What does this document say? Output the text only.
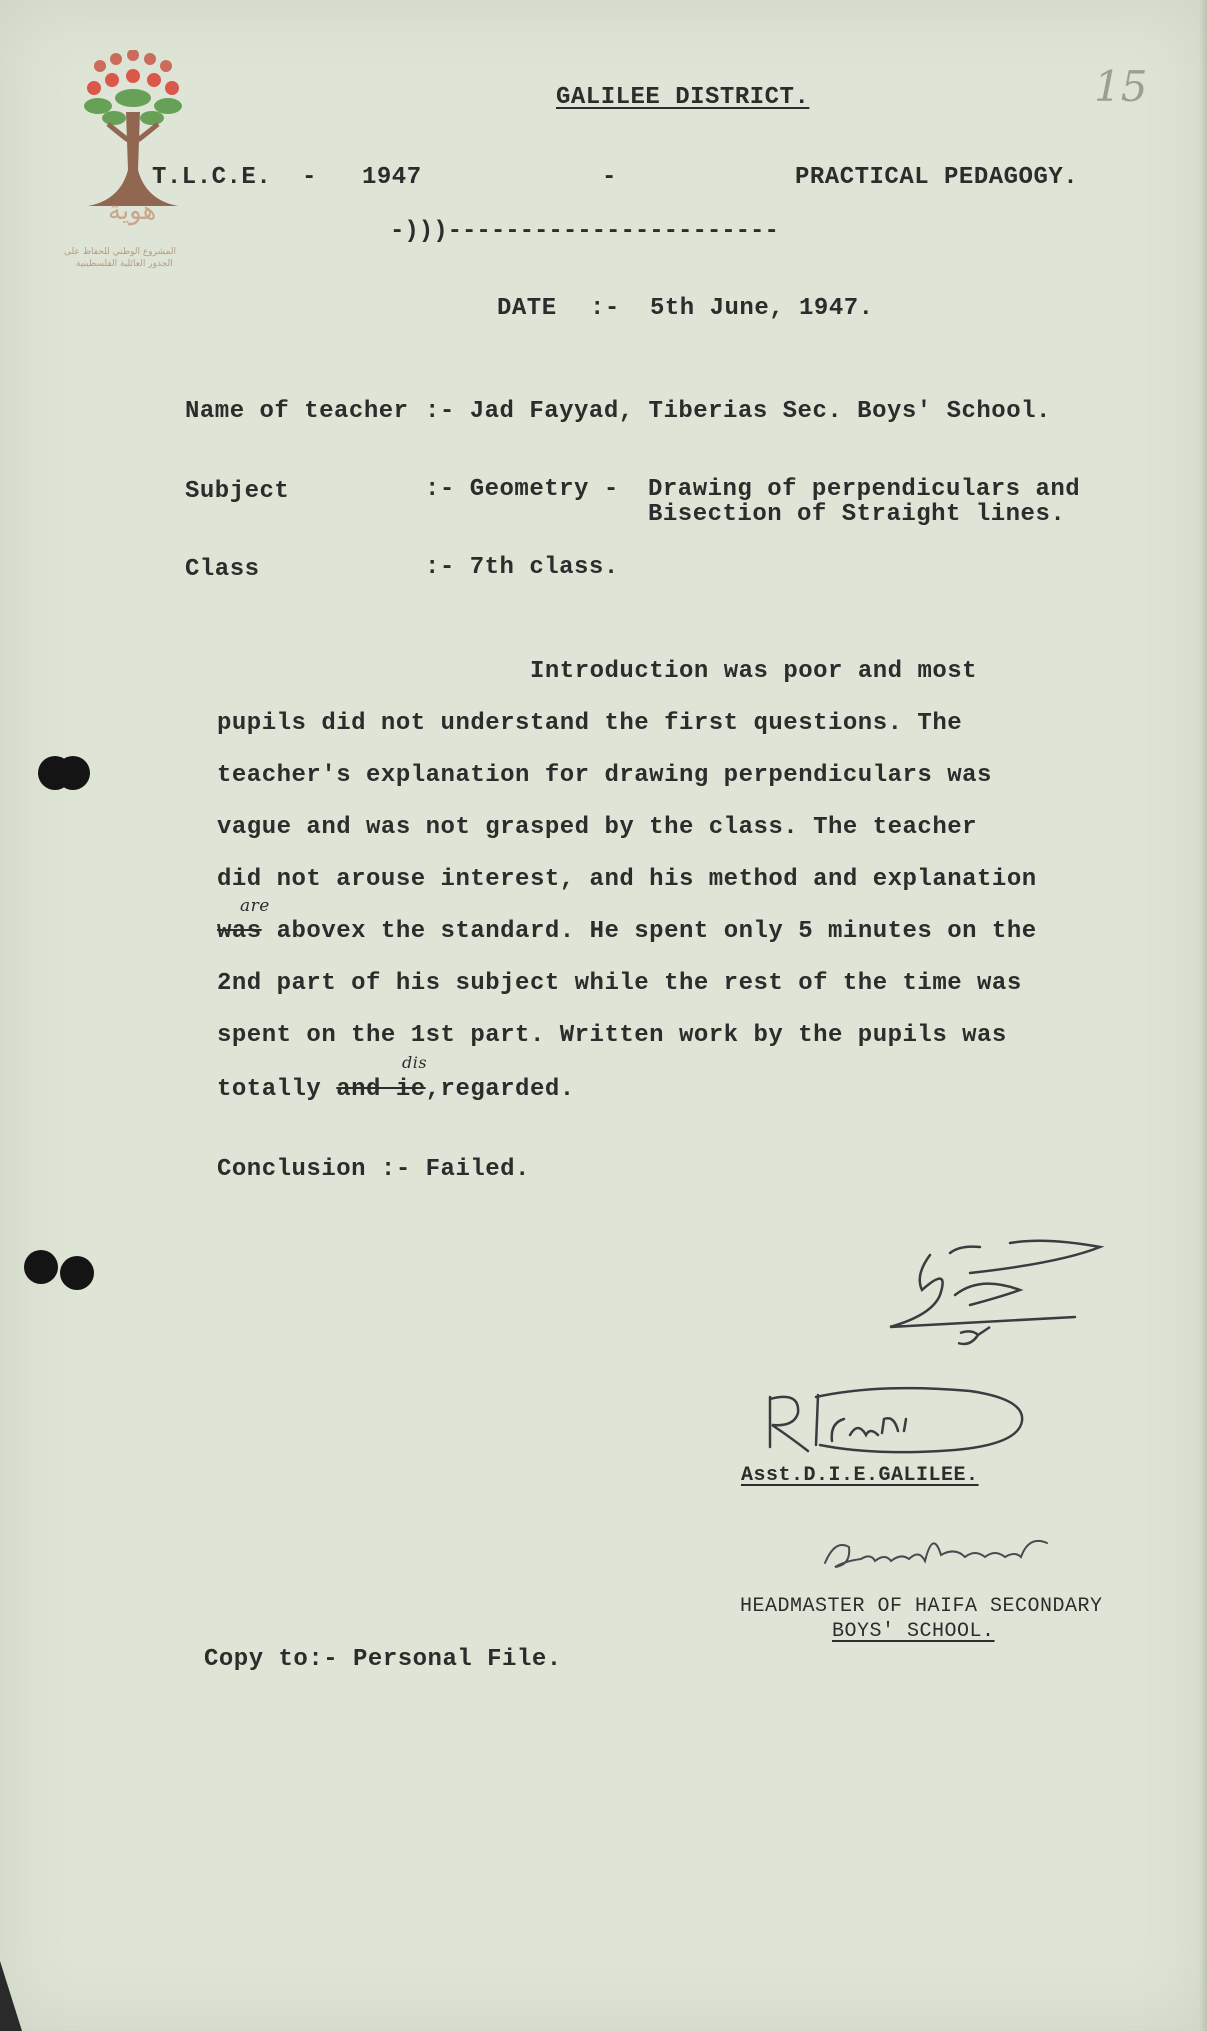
هوية
المشروع الوطني للحفاظ على
الجذور العائلية الفلسطينية
15
GALILEE DISTRICT.
T.L.C.E. - 1947	-	PRACTICAL PEDAGOGY.
-)))-----------------------
DATE :- 5th June, 1947.
Name of teacher :- Jad Fayyad, Tiberias Sec. Boys' School.
Subject	:- Geometry - Drawing of perpendiculars and
Bisection of Straight lines.
Class	:- 7th class.
Introduction was poor and most
pupils did not understand the first questions. The
teacher's explanation for drawing perpendiculars was
vague and was not grasped by the class. The teacher
did not arouse interest, and his method and explanation
was abovex the standard. He spent only 5 minutes on the
are
2nd part of his subject while the rest of the time was
spent on the 1st part. Written work by the pupils was
totally and ie,regarded.
dis
Conclusion :- Failed.
Asst.D.I.E.GALILEE.
HEADMASTER OF HAIFA SECONDARY
BOYS' SCHOOL.
Copy to:- Personal File.
